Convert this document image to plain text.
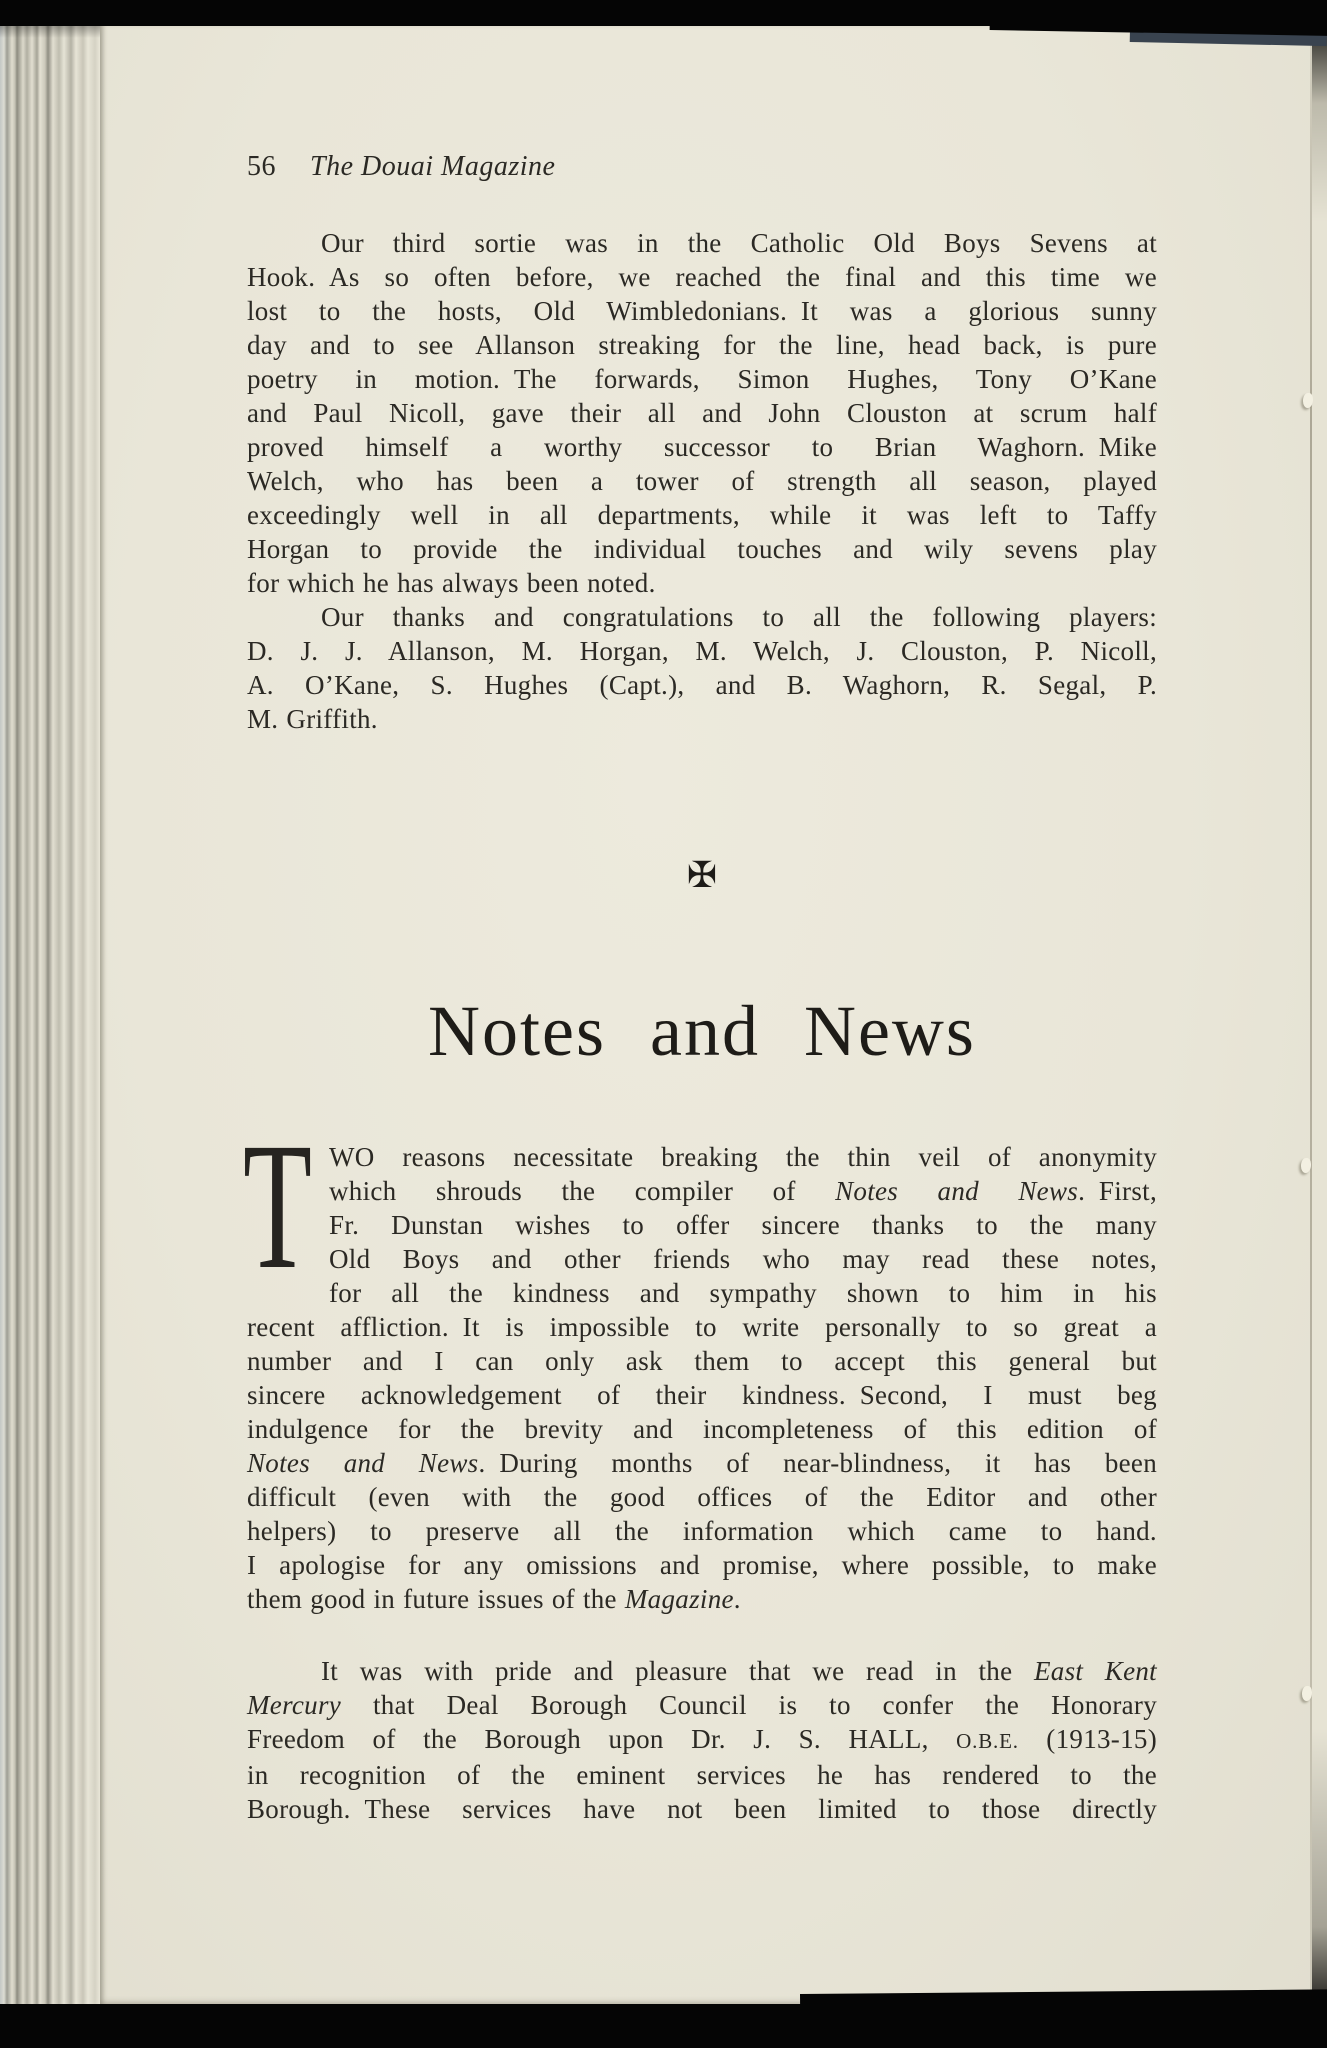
56 The Douai Magazine
Our third sortie was in the Catholic Old Boys Sevens at
Hook. As so often before, we reached the final and this time we
lost to the hosts, Old Wimbledonians. It was a glorious sunny
day and to see Allanson streaking for the line, head back, is pure
poetry in motion. The forwards, Simon Hughes, Tony O’Kane
and Paul Nicoll, gave their all and John Clouston at scrum half
proved himself a worthy successor to Brian Waghorn. Mike
Welch, who has been a tower of strength all season, played
exceedingly well in all departments, while it was left to Taffy
Horgan to provide the individual touches and wily sevens play
for which he has always been noted.
Our thanks and congratulations to all the following players:
D. J. J. Allanson, M. Horgan, M. Welch, J. Clouston, P. Nicoll,
A. O’Kane, S. Hughes (Capt.), and B. Waghorn, R. Segal, P.
M. Griffith.
✠
Notes and News
T WO reasons necessitate breaking the thin veil of anonymity
which shrouds the compiler of Notes and News. First,
Fr. Dunstan wishes to offer sincere thanks to the many
Old Boys and other friends who may read these notes,
for all the kindness and sympathy shown to him in his
recent affliction. It is impossible to write personally to so great a
number and I can only ask them to accept this general but
sincere acknowledgement of their kindness. Second, I must beg
indulgence for the brevity and incompleteness of this edition of
Notes and News. During months of near-blindness, it has been
difficult (even with the good offices of the Editor and other
helpers) to preserve all the information which came to hand.
I apologise for any omissions and promise, where possible, to make
them good in future issues of the Magazine.
It was with pride and pleasure that we read in the East Kent
Mercury that Deal Borough Council is to confer the Honorary
Freedom of the Borough upon Dr. J. S. HALL, O.B.E. (1913-15)
in recognition of the eminent services he has rendered to the
Borough. These services have not been limited to those directly
